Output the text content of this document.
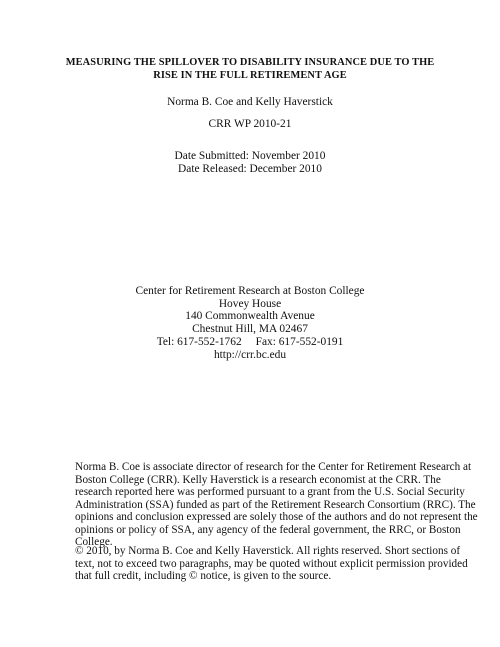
MEASURING THE SPILLOVER TO DISABILITY INSURANCE DUE TO THE
RISE IN THE FULL RETIREMENT AGE
Norma B. Coe and Kelly Haverstick
CRR WP 2010-21
Date Submitted: November 2010
Date Released: December 2010
Center for Retirement Research at Boston College
Hovey House
140 Commonwealth Avenue
Chestnut Hill, MA 02467
Tel: 617-552-1762 Fax: 617-552-0191
http://crr.bc.edu
Norma B. Coe is associate director of research for the Center for Retirement Research at
Boston College (CRR). Kelly Haverstick is a research economist at the CRR. The
research reported here was performed pursuant to a grant from the U.S. Social Security
Administration (SSA) funded as part of the Retirement Research Consortium (RRC). The
opinions and conclusion expressed are solely those of the authors and do not represent the
opinions or policy of SSA, any agency of the federal government, the RRC, or Boston
College.
© 2010, by Norma B. Coe and Kelly Haverstick. All rights reserved. Short sections of
text, not to exceed two paragraphs, may be quoted without explicit permission provided
that full credit, including © notice, is given to the source.
